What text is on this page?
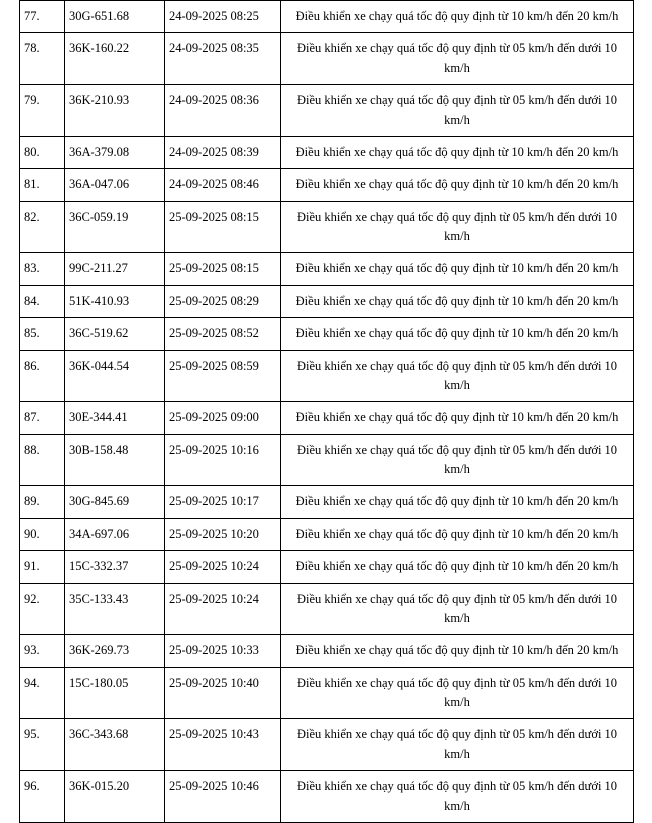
77.	30G-651.68	24-09-2025 08:25	Điều khiển xe chạy quá tốc độ quy định từ 10 km/h đến 20 km/h
78.	36K-160.22	24-09-2025 08:35	Điều khiển xe chạy quá tốc độ quy định từ 05 km/h đến dưới 10 km/h
79.	36K-210.93	24-09-2025 08:36	Điều khiển xe chạy quá tốc độ quy định từ 05 km/h đến dưới 10 km/h
80.	36A-379.08	24-09-2025 08:39	Điều khiển xe chạy quá tốc độ quy định từ 10 km/h đến 20 km/h
81.	36A-047.06	24-09-2025 08:46	Điều khiển xe chạy quá tốc độ quy định từ 10 km/h đến 20 km/h
82.	36C-059.19	25-09-2025 08:15	Điều khiển xe chạy quá tốc độ quy định từ 05 km/h đến dưới 10 km/h
83.	99C-211.27	25-09-2025 08:15	Điều khiển xe chạy quá tốc độ quy định từ 10 km/h đến 20 km/h
84.	51K-410.93	25-09-2025 08:29	Điều khiển xe chạy quá tốc độ quy định từ 10 km/h đến 20 km/h
85.	36C-519.62	25-09-2025 08:52	Điều khiển xe chạy quá tốc độ quy định từ 10 km/h đến 20 km/h
86.	36K-044.54	25-09-2025 08:59	Điều khiển xe chạy quá tốc độ quy định từ 05 km/h đến dưới 10 km/h
87.	30E-344.41	25-09-2025 09:00	Điều khiển xe chạy quá tốc độ quy định từ 10 km/h đến 20 km/h
88.	30B-158.48	25-09-2025 10:16	Điều khiển xe chạy quá tốc độ quy định từ 05 km/h đến dưới 10 km/h
89.	30G-845.69	25-09-2025 10:17	Điều khiển xe chạy quá tốc độ quy định từ 10 km/h đến 20 km/h
90.	34A-697.06	25-09-2025 10:20	Điều khiển xe chạy quá tốc độ quy định từ 10 km/h đến 20 km/h
91.	15C-332.37	25-09-2025 10:24	Điều khiển xe chạy quá tốc độ quy định từ 10 km/h đến 20 km/h
92.	35C-133.43	25-09-2025 10:24	Điều khiển xe chạy quá tốc độ quy định từ 05 km/h đến dưới 10 km/h
93.	36K-269.73	25-09-2025 10:33	Điều khiển xe chạy quá tốc độ quy định từ 10 km/h đến 20 km/h
94.	15C-180.05	25-09-2025 10:40	Điều khiển xe chạy quá tốc độ quy định từ 05 km/h đến dưới 10 km/h
95.	36C-343.68	25-09-2025 10:43	Điều khiển xe chạy quá tốc độ quy định từ 05 km/h đến dưới 10 km/h
96.	36K-015.20	25-09-2025 10:46	Điều khiển xe chạy quá tốc độ quy định từ 05 km/h đến dưới 10 km/h
